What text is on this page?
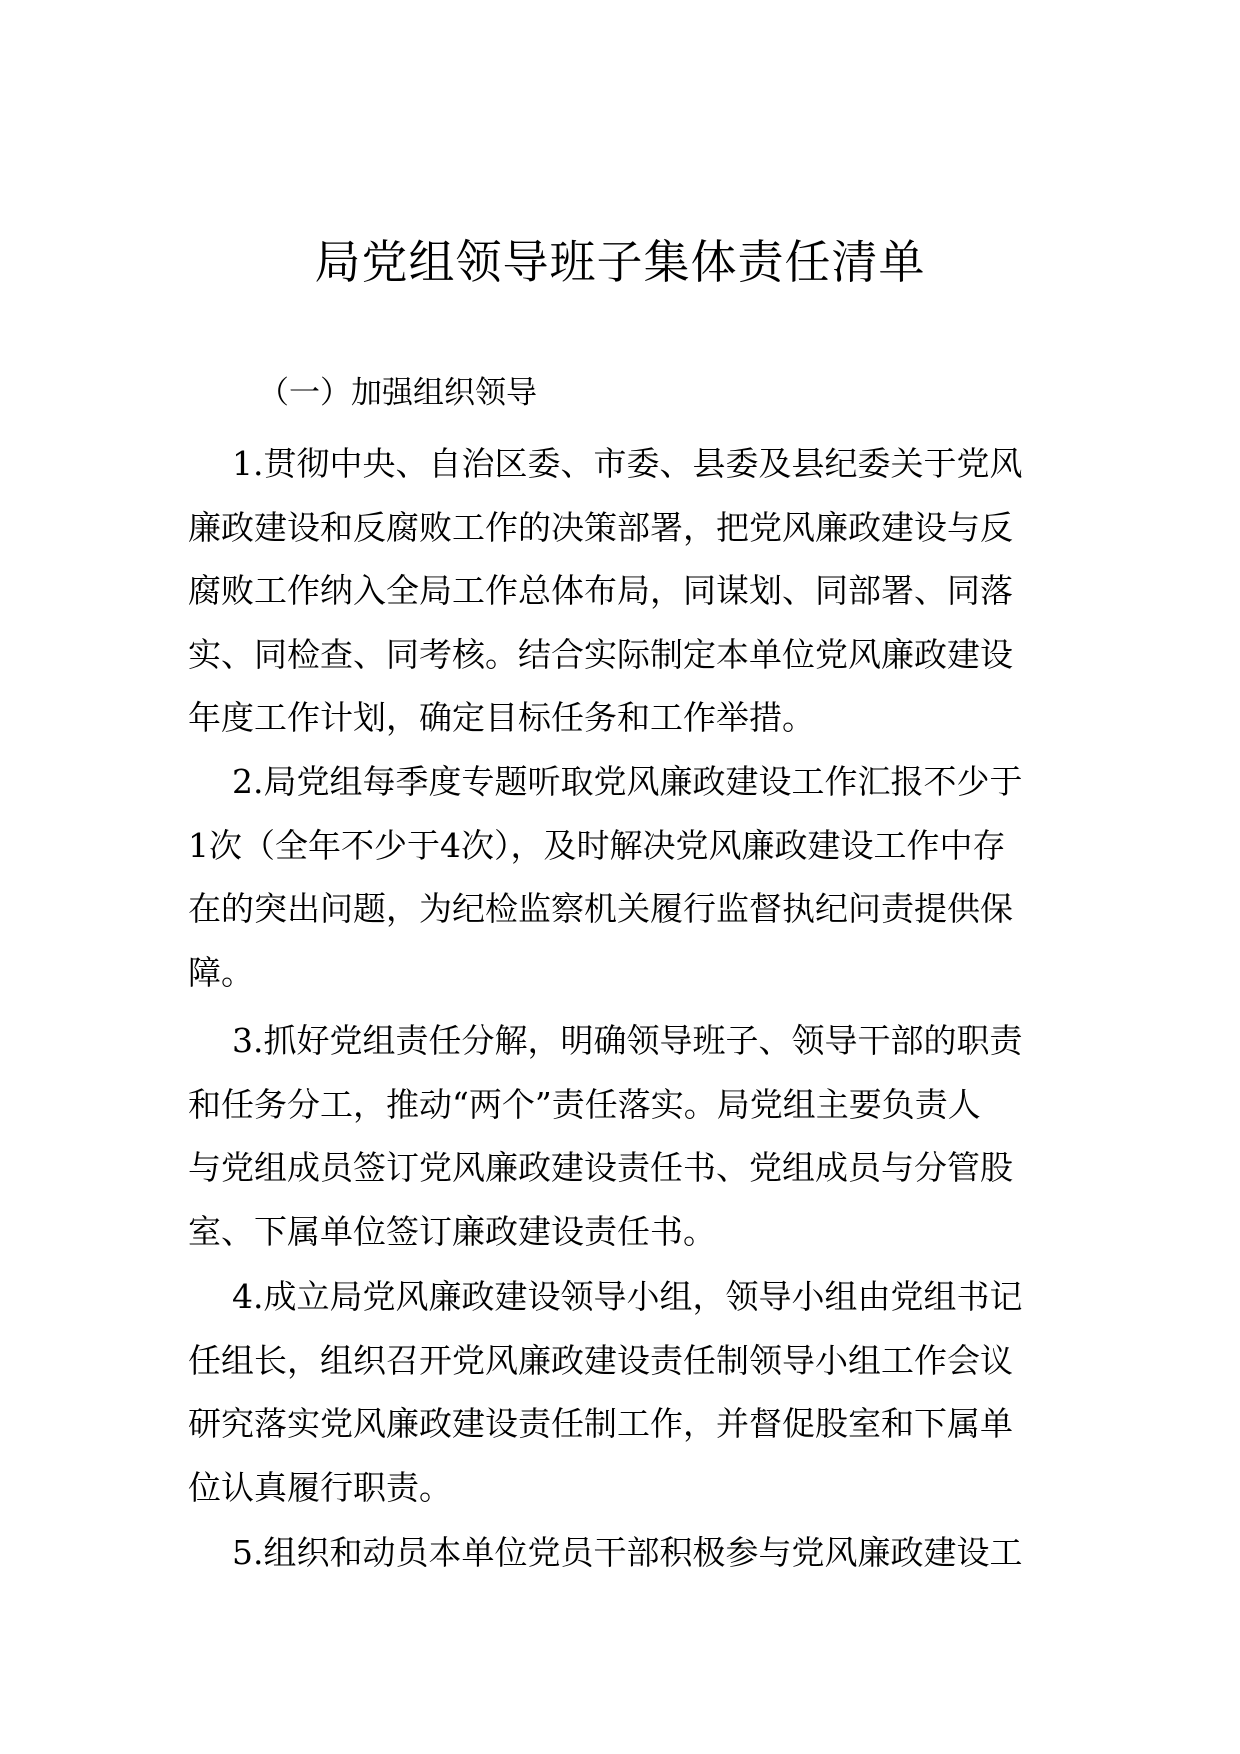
局党组领导班子集体责任清单
（一）加强组织领导
1.贯彻中央、自治区委、市委、县委及县纪委关于党风
廉政建设和反腐败工作的决策部署，把党风廉政建设与反
腐败工作纳入全局工作总体布局，同谋划、同部署、同落
实、同检查、同考核。结合实际制定本单位党风廉政建设
年度工作计划，确定目标任务和工作举措。
2.局党组每季度专题听取党风廉政建设工作汇报不少于
1次（全年不少于4次），及时解决党风廉政建设工作中存
在的突出问题，为纪检监察机关履行监督执纪问责提供保
障。
3.抓好党组责任分解，明确领导班子、领导干部的职责
和任务分工，推动“两个”责任落实。局党组主要负责人
与党组成员签订党风廉政建设责任书、党组成员与分管股
室、下属单位签订廉政建设责任书。
4.成立局党风廉政建设领导小组，领导小组由党组书记
任组长，组织召开党风廉政建设责任制领导小组工作会议
研究落实党风廉政建设责任制工作，并督促股室和下属单
位认真履行职责。
5.组织和动员本单位党员干部积极参与党风廉政建设工
